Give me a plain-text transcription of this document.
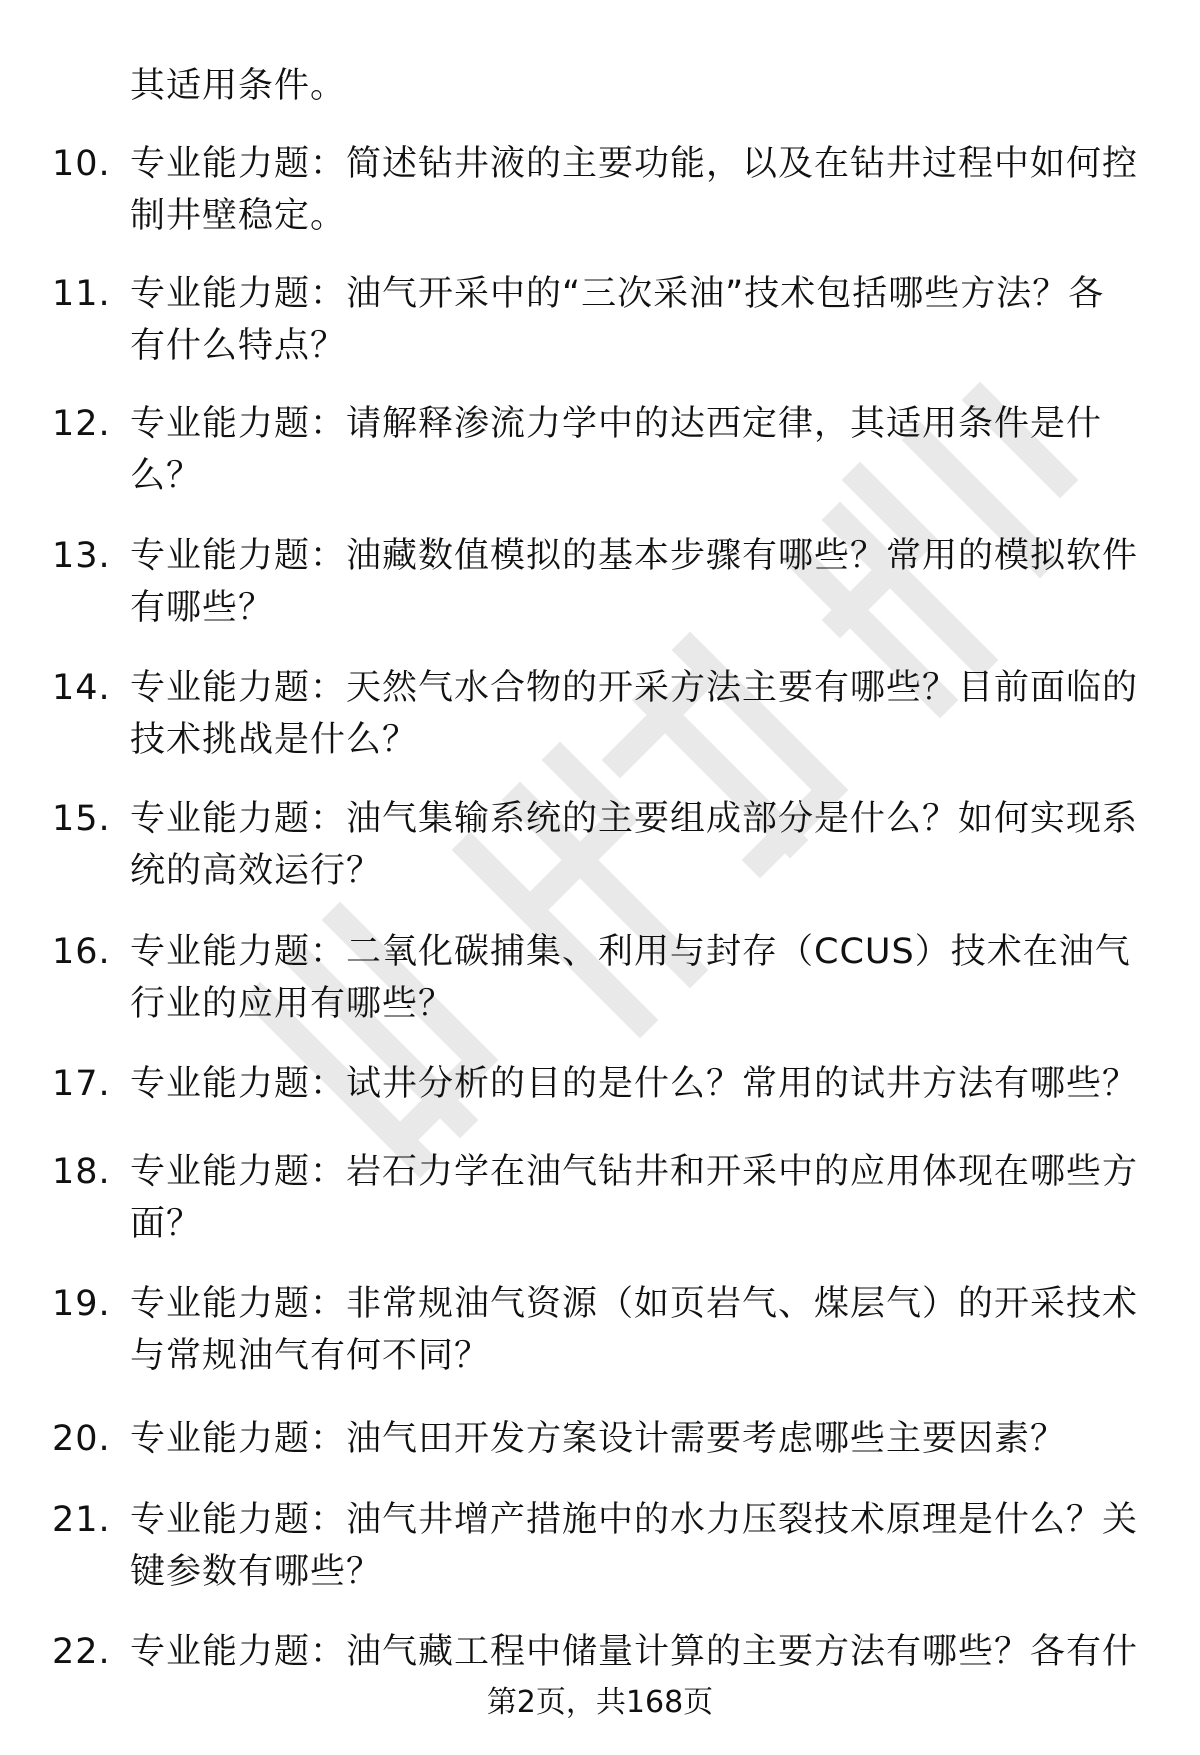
其适用条件。
10. 专业能力题：简述钻井液的主要功能，以及在钻井过程中如何控制井壁稳定。
11. 专业能力题：油气开采中的“三次采油”技术包括哪些方法？各有什么特点？
12. 专业能力题：请解释渗流力学中的达西定律，其适用条件是什么？
13. 专业能力题：油藏数值模拟的基本步骤有哪些？常用的模拟软件有哪些？
14. 专业能力题：天然气水合物的开采方法主要有哪些？目前面临的技术挑战是什么？
15. 专业能力题：油气集输系统的主要组成部分是什么？如何实现系统的高效运行？
16. 专业能力题：二氧化碳捕集、利用与封存（CCUS）技术在油气行业的应用有哪些？
17. 专业能力题：试井分析的目的是什么？常用的试井方法有哪些？
18. 专业能力题：岩石力学在油气钻井和开采中的应用体现在哪些方面？
19. 专业能力题：非常规油气资源（如页岩气、煤层气）的开采技术与常规油气有何不同？
20. 专业能力题：油气田开发方案设计需要考虑哪些主要因素？
21. 专业能力题：油气井增产措施中的水力压裂技术原理是什么？关键参数有哪些？
22. 专业能力题：油气藏工程中储量计算的主要方法有哪些？各有什
第2页，共168页
